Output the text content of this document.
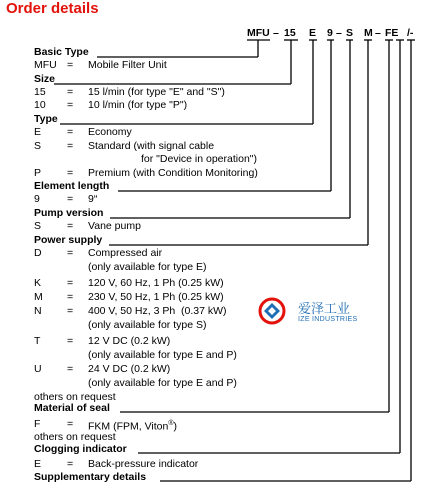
Order details
MFU – 15 E 9 – S M – FE /-
Basic Type
MFU = Mobile Filter Unit
Size
15 = 15 l/min (for type "E" and "S")
10 = 10 l/min (for type "P")
Type
E = Economy
S = Standard (with signal cable
for "Device in operation")
P = Premium (with Condition Monitoring)
Element length
9	= 9“
Pump version
S = Vane pump
Power supply
D = Compressed air
(only available for type E)
K = 120 V, 60 Hz, 1 Ph (0.25 kW)
M = 230 V, 50 Hz, 1 Ph (0.25 kW)
N = 400 V, 50 Hz, 3 Ph  (0.37 kW)
(only available for type S)
T	= 12 V DC (0.2 kW)
(only available for type E and P)
U = 24 V DC (0.2 kW)
(only available for type E and P)
others on request
Material of seal
F	= FKM (FPM, Viton®)
others on request
Clogging indicator
E = Back-pressure indicator
Supplementary details
爱泽工业
IZE INDUSTRIES
